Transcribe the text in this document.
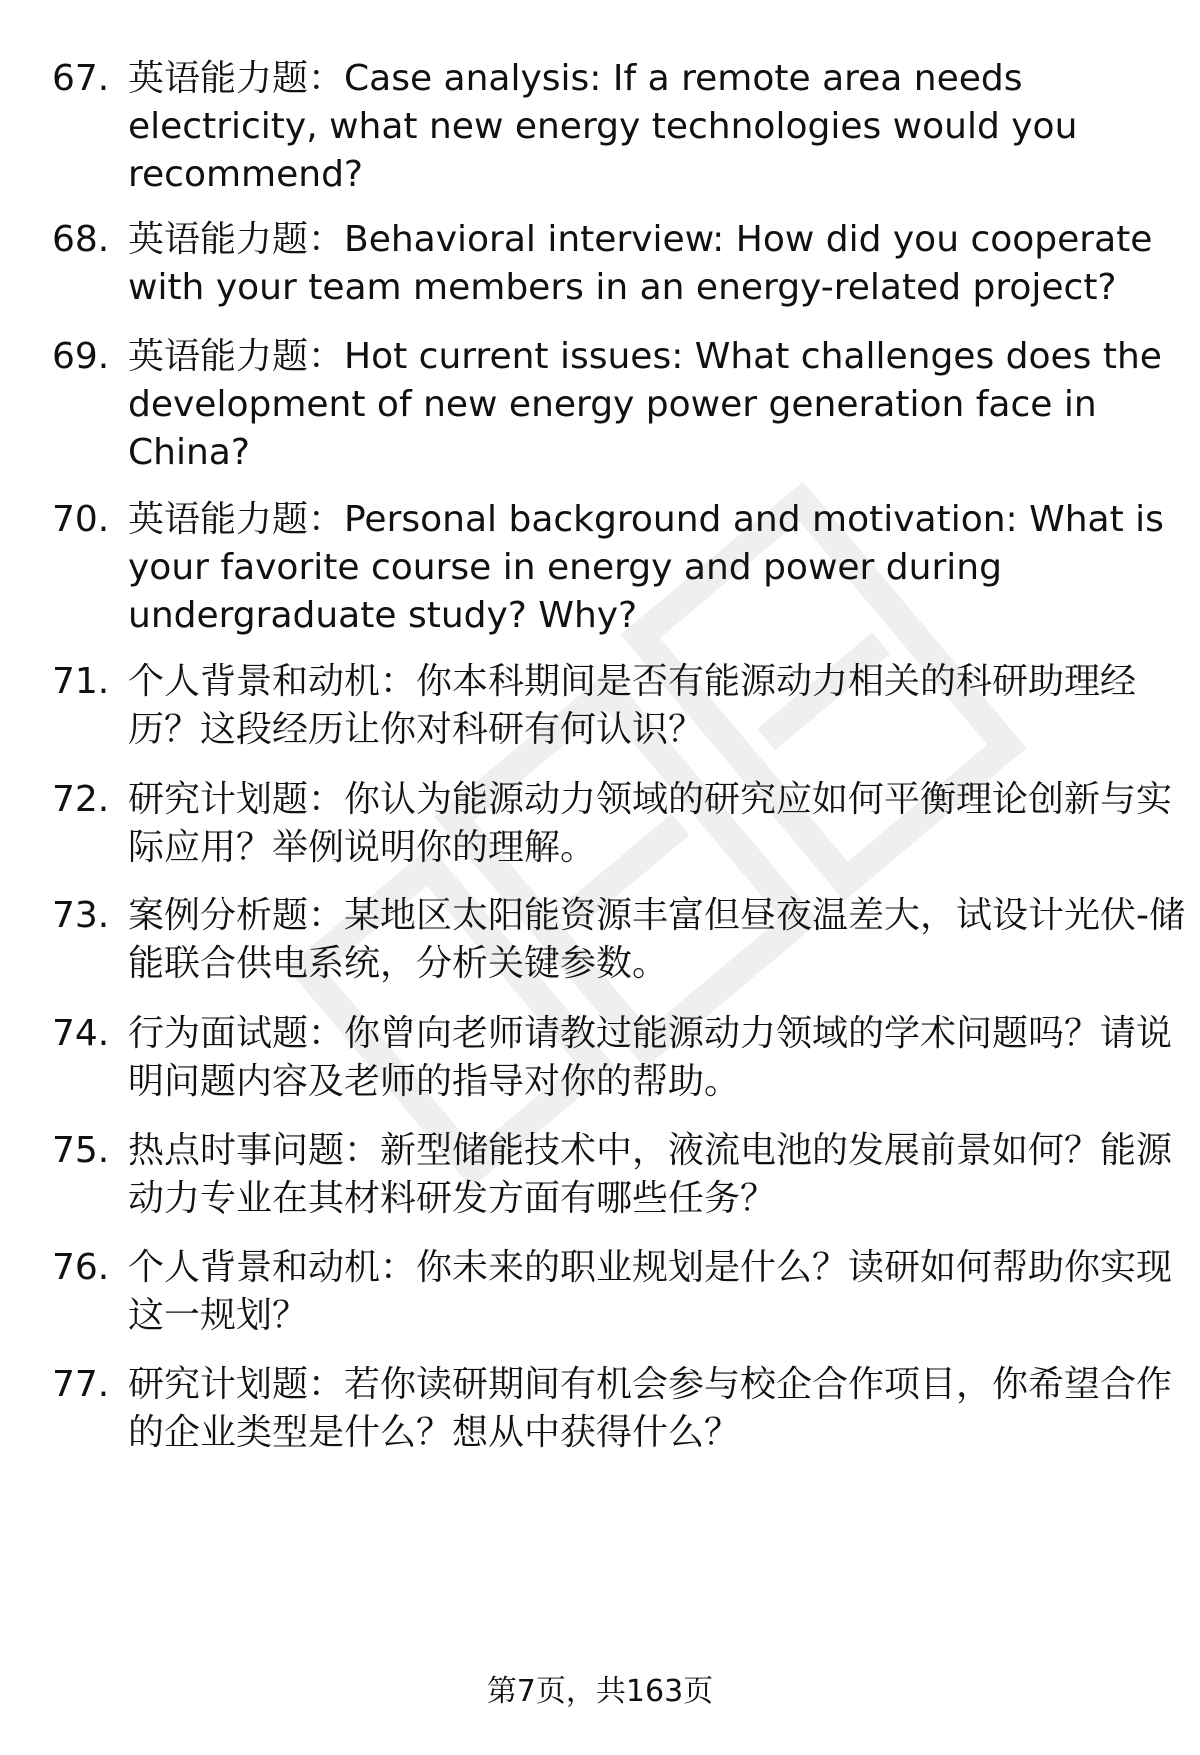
67. 英语能力题：Case analysis: If a remote area needs electricity, what new energy technologies would you recommend?
68. 英语能力题：Behavioral interview: How did you cooperate with your team members in an energy-related project?
69. 英语能力题：Hot current issues: What challenges does the development of new energy power generation face in China?
70. 英语能力题：Personal background and motivation: What is your favorite course in energy and power during undergraduate study? Why?
71. 个人背景和动机：你本科期间是否有能源动力相关的科研助理经历？这段经历让你对科研有何认识？
72. 研究计划题：你认为能源动力领域的研究应如何平衡理论创新与实际应用？举例说明你的理解。
73. 案例分析题：某地区太阳能资源丰富但昼夜温差大，试设计光伏-储能联合供电系统，分析关键参数。
74. 行为面试题：你曾向老师请教过能源动力领域的学术问题吗？请说明问题内容及老师的指导对你的帮助。
75. 热点时事问题：新型储能技术中，液流电池的发展前景如何？能源动力专业在其材料研发方面有哪些任务？
76. 个人背景和动机：你未来的职业规划是什么？读研如何帮助你实现这一规划？
77. 研究计划题：若你读研期间有机会参与校企合作项目，你希望合作的企业类型是什么？想从中获得什么？
第7页，共163页
